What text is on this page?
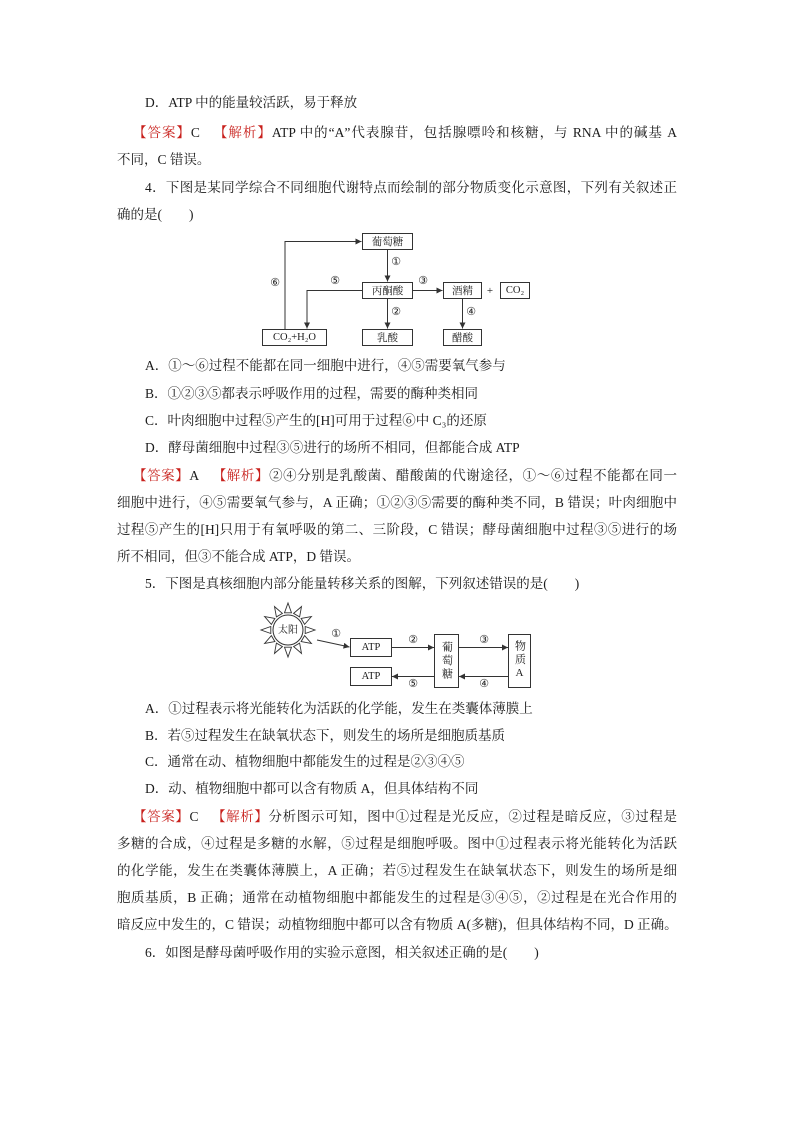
D．ATP 中的能量较活跃，易于释放
【答案】C 【解析】ATP 中的“A”代表腺苷，包括腺嘌呤和核糖，与 RNA 中的碱基 A
不同，C 错误。
4．下图是某同学综合不同细胞代谢特点而绘制的部分物质变化示意图，下列有关叙述正
确的是(　　)
葡萄糖
丙酮酸	酒精	+	CO₂
乳酸	醋酸
CO₂+H₂O
①
②
③
④
⑤
⑥
A．①～⑥过程不能都在同一细胞中进行，④⑤需要氧气参与
B．①②③⑤都表示呼吸作用的过程，需要的酶种类相同
C．叶肉细胞中过程⑤产生的[H]可用于过程⑥中 C₃的还原
D．酵母菌细胞中过程③⑤进行的场所不相同，但都能合成 ATP
【答案】A 【解析】②④分别是乳酸菌、醋酸菌的代谢途径，①～⑥过程不能都在同一
细胞中进行，④⑤需要氧气参与，A 正确；①②③⑤需要的酶种类不同，B 错误；叶肉细胞中
过程⑤产生的[H]只用于有氧呼吸的第二、三阶段，C 错误；酵母菌细胞中过程③⑤进行的场
所不相同，但③不能合成 ATP，D 错误。
5．下图是真核细胞内部分能量转移关系的图解，下列叙述错误的是(　　)
太阳
ATP
ATP	葡萄糖	物质A
①	②	③
④
⑤
A．①过程表示将光能转化为活跃的化学能，发生在类囊体薄膜上
B．若⑤过程发生在缺氧状态下，则发生的场所是细胞质基质
C．通常在动、植物细胞中都能发生的过程是②③④⑤
D．动、植物细胞中都可以含有物质 A，但具体结构不同
【答案】C 【解析】分析图示可知，图中①过程是光反应，②过程是暗反应，③过程是
多糖的合成，④过程是多糖的水解，⑤过程是细胞呼吸。图中①过程表示将光能转化为活跃
的化学能，发生在类囊体薄膜上，A 正确；若⑤过程发生在缺氧状态下，则发生的场所是细
胞质基质，B 正确；通常在动植物细胞中都能发生的过程是③④⑤，②过程是在光合作用的
暗反应中发生的，C 错误；动植物细胞中都可以含有物质 A(多糖)，但具体结构不同，D 正确。
6．如图是酵母菌呼吸作用的实验示意图，相关叙述正确的是(　　)
